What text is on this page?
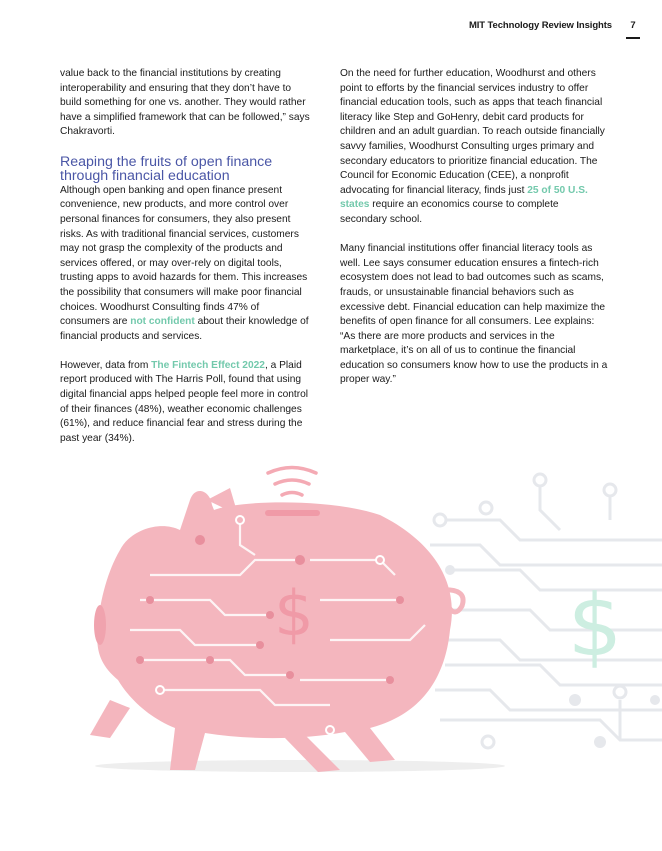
MIT Technology Review Insights	7

value back to the financial institutions by creating interoperability and ensuring that they don’t have to build something for one vs. another. They would rather have a simplified framework that can be followed,” says Chakravorti.

Reaping the fruits of open finance through financial education

Although open banking and open finance present convenience, new products, and more control over personal finances for consumers, they also present risks. As with traditional financial services, customers may not grasp the complexity of the products and services offered, or may over-rely on digital tools, trusting apps to avoid hazards for them. This increases the possibility that consumers will make poor financial choices. Woodhurst Consulting finds 47% of consumers are not confident about their knowledge of financial products and services.

However, data from The Fintech Effect 2022, a Plaid report produced with The Harris Poll, found that using digital financial apps helped people feel more in control of their finances (48%), weather economic challenges (61%), and reduce financial fear and stress during the past year (34%).

On the need for further education, Woodhurst and others point to efforts by the financial services industry to offer financial education tools, such as apps that teach financial literacy like Step and GoHenry, debit card products for children and an adult guardian. To reach outside financially savvy families, Woodhurst Consulting urges primary and secondary educators to prioritize financial education. The Council for Economic Education (CEE), a nonprofit advocating for financial literacy, finds just 25 of 50 U.S. states require an economics course to complete secondary school.

Many financial institutions offer financial literacy tools as well. Lee says consumer education ensures a fintech-rich ecosystem does not lead to bad outcomes such as scams, frauds, or unsustainable financial behaviors such as excessive debt. Financial education can help maximize the benefits of open finance for all consumers. Lee explains: “As there are more products and services in the marketplace, it’s on all of us to continue the financial education so consumers know how to use the products in a proper way.”

$
$
